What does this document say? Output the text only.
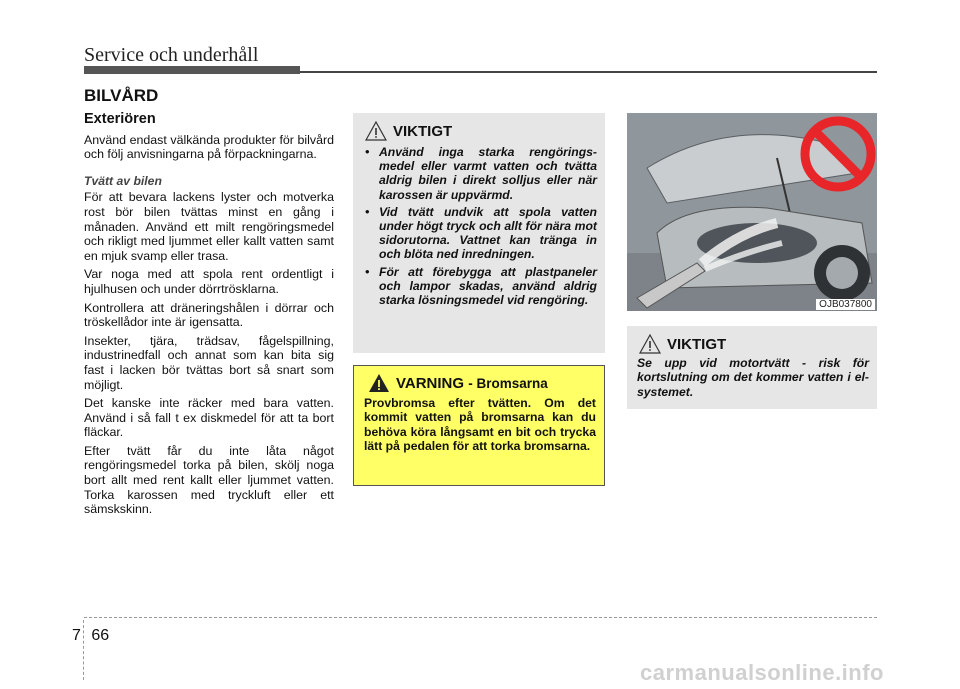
Service och underhåll
BILVÅRD
Exteriören

Använd endast välkända produkter för bilvård och följ anvisningarna på förpackningarna.

Tvätt av bilen

För att bevara lackens lyster och motverka rost bör bilen tvättas minst en gång i månaden. Använd ett milt rengöringsmedel och rikligt med ljummet eller kallt vatten samt en mjuk svamp eller trasa.

Var noga med att spola rent ordentligt i hjulhusen och under dörrtrösklarna.

Kontrollera att dräneringshålen i dörrar och tröskellådor inte är igensatta.

Insekter, tjära, trädsav, fågelspillning, industrinedfall och annat som kan bita sig fast i lacken bör tvättas bort så snart som möjligt.

Det kanske inte räcker med bara vatten. Använd i så fall t ex diskmedel för att ta bort fläckar.

Efter tvätt får du inte låta något rengöringsmedel torka på bilen, skölj noga bort allt med rent kallt eller ljummet vatten. Torka karossen med tryckluft eller ett sämskskinn.

VIKTIGT
• Använd inga starka rengörings-medel eller varmt vatten och tvätta aldrig bilen i direkt solljus eller när karossen är uppvärmd.
• Vid tvätt undvik att spola vatten under högt tryck och allt för nära mot sidorutorna. Vattnet kan tränga in och blöta ned inredningen.
• För att förebygga att plastpaneler och lampor skadas, använd aldrig starka lösningsmedel vid rengöring.
VARNING - Bromsarna
Provbromsa efter tvätten. Om det kommit vatten på bromsarna kan du behöva köra långsamt en bit och trycka lätt på pedalen för att torka bromsarna.
OJB037800
VIKTIGT
Se upp vid motortvätt - risk för kortslutning om det kommer vatten i el-systemet.
7 66
carmanualsonline.info
